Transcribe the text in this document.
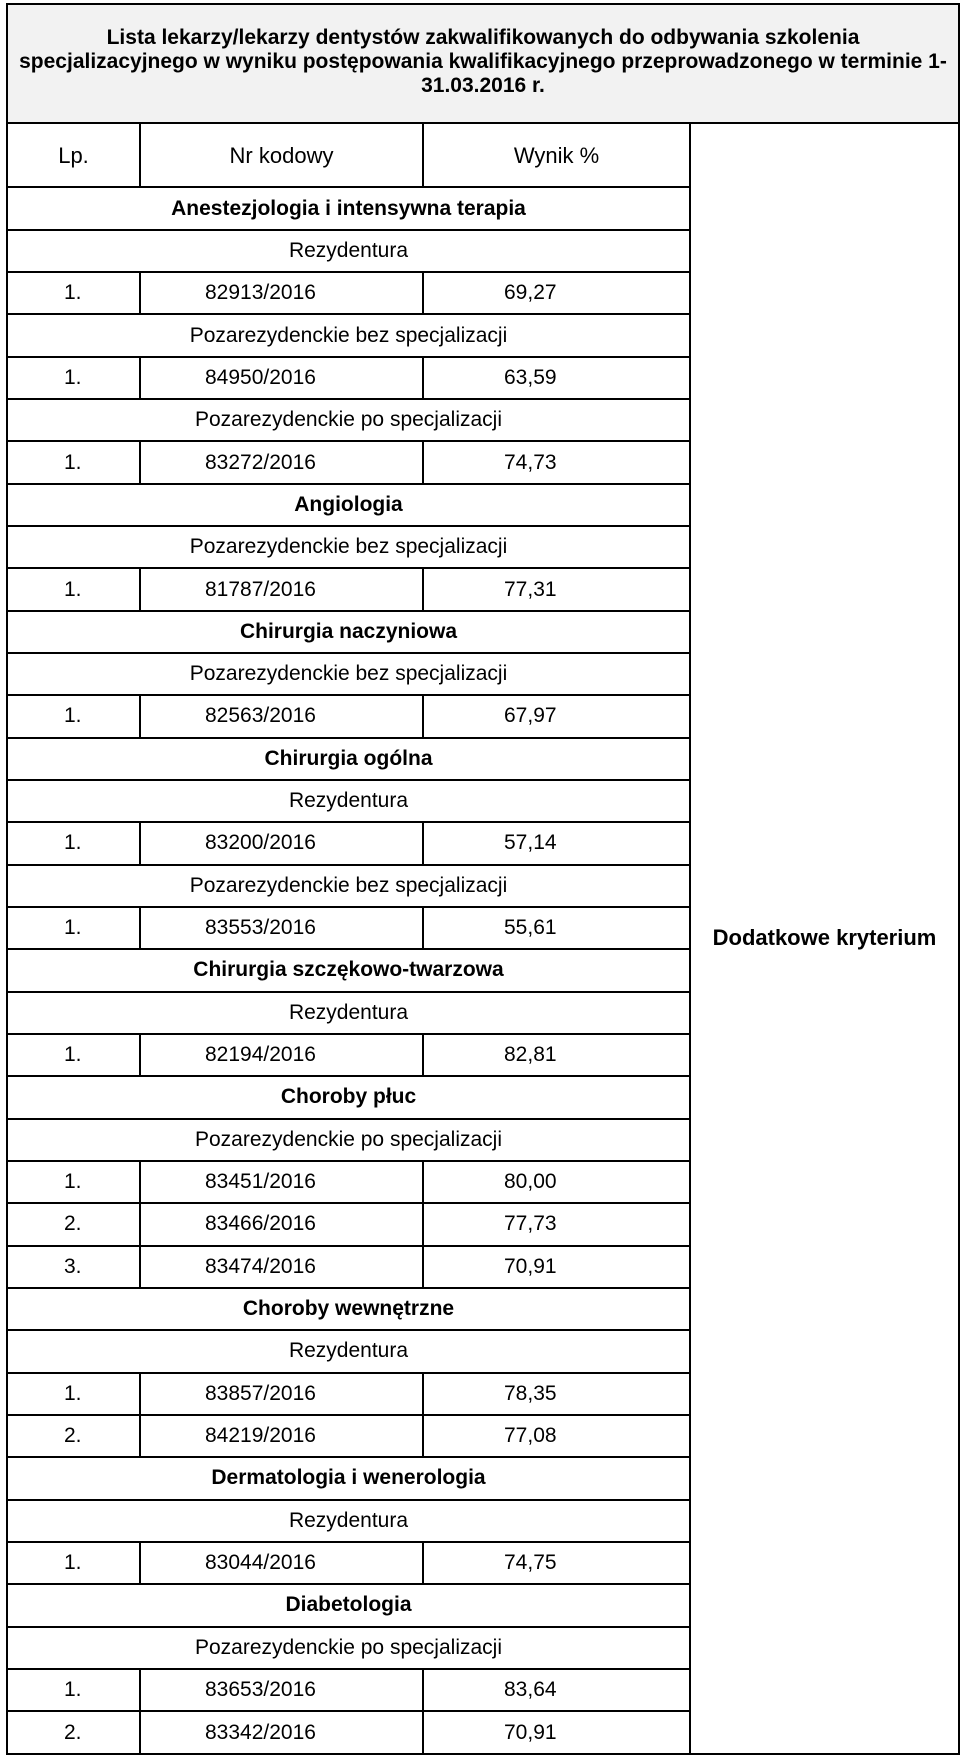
Lista lekarzy/lekarzy dentystów zakwalifikowanych do odbywania szkolenia specjalizacyjnego w wyniku postępowania kwalifikacyjnego przeprowadzonego w terminie 1-31.03.2016 r.			
Lp.	Nr kodowy	Wynik %	Dodatkowe kryterium
Anestezjologia i intensywna terapia			
Rezydentura			
1.	82913/2016	69,27	
Pozarezydenckie bez specjalizacji			
1.	84950/2016	63,59	
Pozarezydenckie po specjalizacji			
1.	83272/2016	74,73	
Angiologia			
Pozarezydenckie bez specjalizacji			
1.	81787/2016	77,31	
Chirurgia naczyniowa			
Pozarezydenckie bez specjalizacji			
1.	82563/2016	67,97	
Chirurgia ogólna			
Rezydentura			
1.	83200/2016	57,14	
Pozarezydenckie bez specjalizacji			
1.	83553/2016	55,61	
Chirurgia szczękowo-twarzowa			
Rezydentura			
1.	82194/2016	82,81	
Choroby płuc			
Pozarezydenckie po specjalizacji			
1.	83451/2016	80,00	
2.	83466/2016	77,73	
3.	83474/2016	70,91	
Choroby wewnętrzne			
Rezydentura			
1.	83857/2016	78,35	
2.	84219/2016	77,08	
Dermatologia i wenerologia			
Rezydentura			
1.	83044/2016	74,75	
Diabetologia			
Pozarezydenckie po specjalizacji			
1.	83653/2016	83,64	
2.	83342/2016	70,91	
